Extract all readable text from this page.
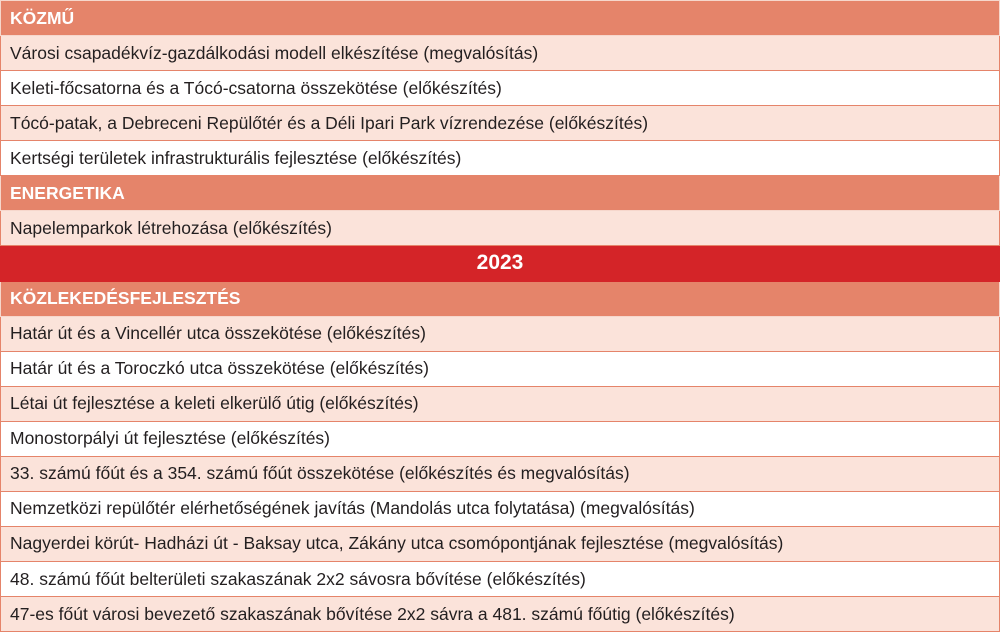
KÖZMŰ
Városi csapadékvíz-gazdálkodási modell elkészítése (megvalósítás)
Keleti-főcsatorna és a Tócó-csatorna összekötése (előkészítés)
Tócó-patak, a Debreceni Repülőtér és a Déli Ipari Park vízrendezése (előkészítés)
Kertségi területek infrastrukturális fejlesztése (előkészítés)
ENERGETIKA
Napelemparkok létrehozása (előkészítés)
2023
KÖZLEKEDÉSFEJLESZTÉS
Határ út és a Vincellér utca összekötése (előkészítés)
Határ út és a Toroczkó utca összekötése (előkészítés)
Létai út fejlesztése a keleti elkerülő útig (előkészítés)
Monostorpályi út fejlesztése (előkészítés)
33. számú főút és a 354. számú főút összekötése (előkészítés és megvalósítás)
Nemzetközi repülőtér elérhetőségének javítás (Mandolás utca folytatása) (megvalósítás)
Nagyerdei körút- Hadházi út - Baksay utca, Zákány utca csomópontjának fejlesztése (megvalósítás)
48. számú főút belterületi szakaszának 2x2 sávosra bővítése (előkészítés)
47-es főút városi bevezető szakaszának bővítése 2x2 sávra a 481. számú főútig (előkészítés)
